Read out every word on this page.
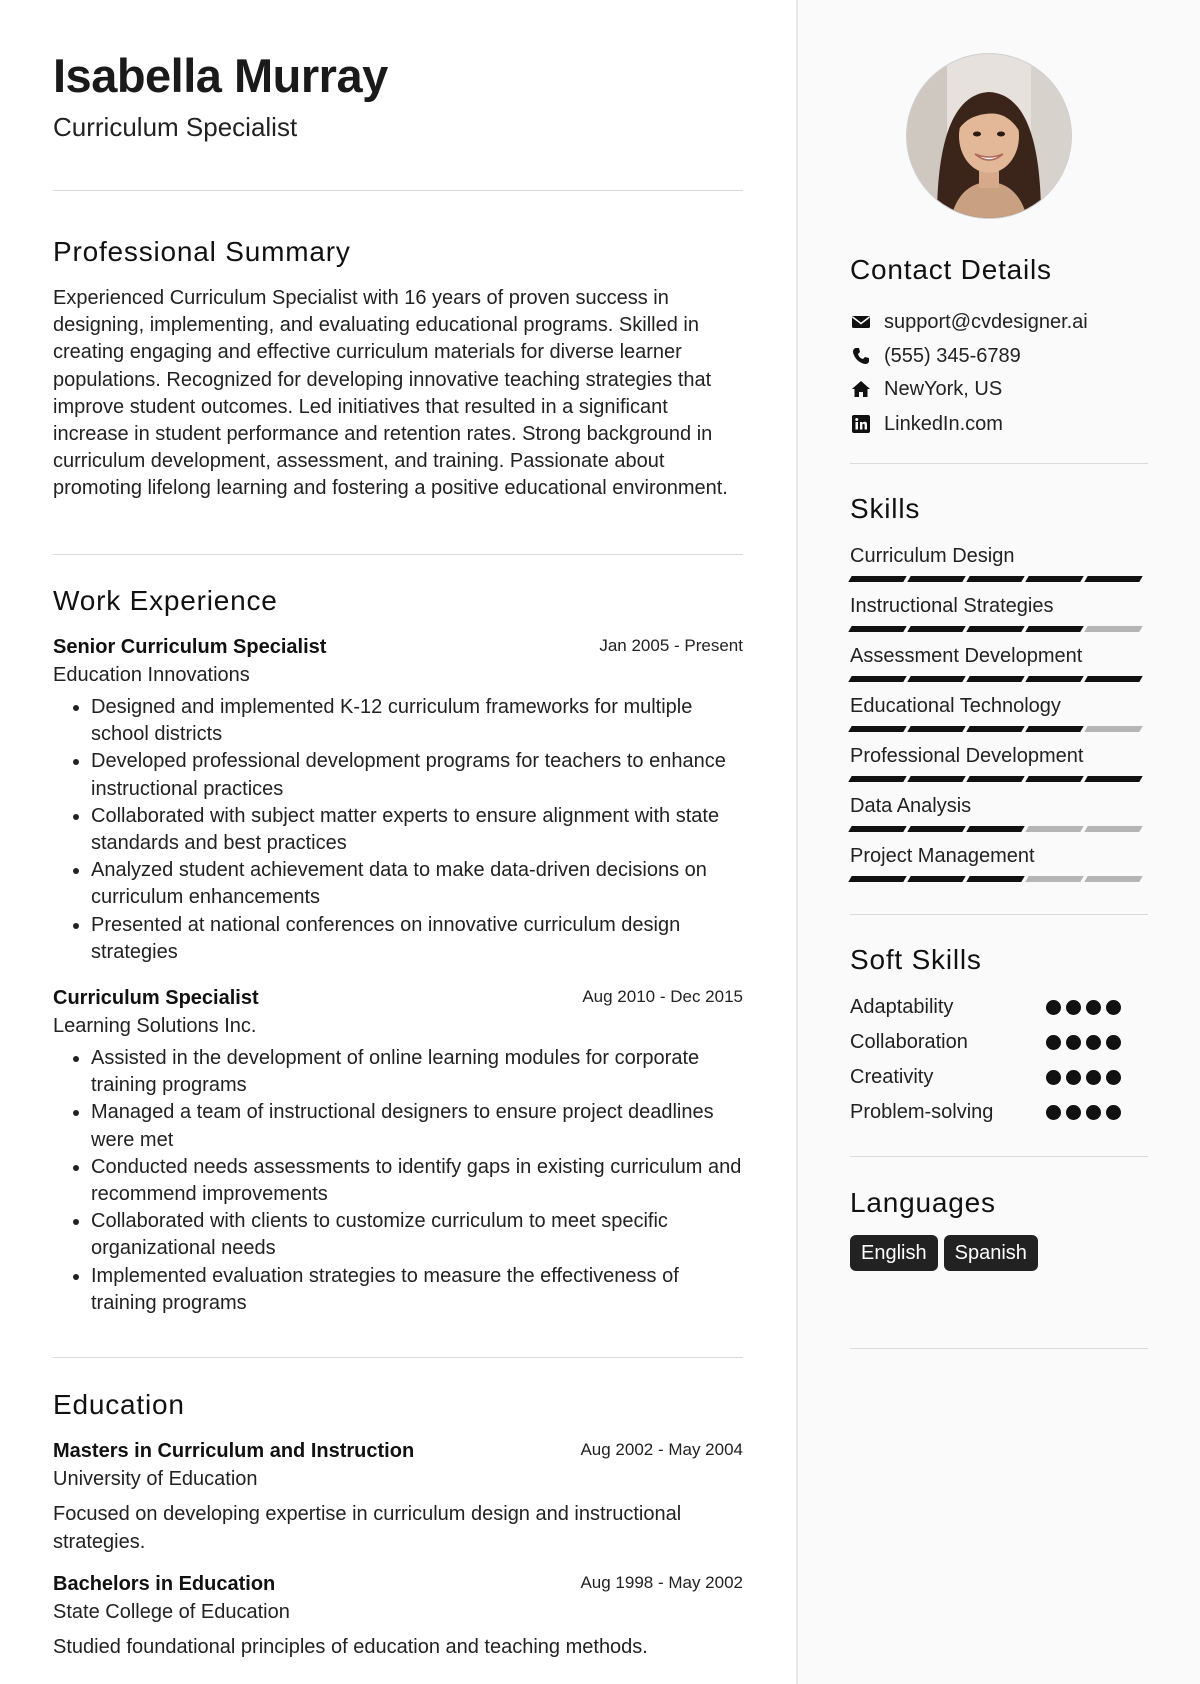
Isabella Murray

Curriculum Specialist

Professional Summary

Experienced Curriculum Specialist with 16 years of proven success in designing, implementing, and evaluating educational programs. Skilled in creating engaging and effective curriculum materials for diverse learner populations. Recognized for developing innovative teaching strategies that improve student outcomes. Led initiatives that resulted in a significant increase in student performance and retention rates. Strong background in curriculum development, assessment, and training. Passionate about promoting lifelong learning and fostering a positive educational environment.

Work Experience

Senior Curriculum Specialist	Jan 2005 - Present

Education Innovations

• Designed and implemented K-12 curriculum frameworks for multiple school districts
• Developed professional development programs for teachers to enhance instructional practices
• Collaborated with subject matter experts to ensure alignment with state standards and best practices
• Analyzed student achievement data to make data-driven decisions on curriculum enhancements
• Presented at national conferences on innovative curriculum design strategies

Curriculum Specialist	Aug 2010 - Dec 2015

Learning Solutions Inc.

• Assisted in the development of online learning modules for corporate training programs
• Managed a team of instructional designers to ensure project deadlines were met
• Conducted needs assessments to identify gaps in existing curriculum and recommend improvements
• Collaborated with clients to customize curriculum to meet specific organizational needs
• Implemented evaluation strategies to measure the effectiveness of training programs
Education

Masters in Curriculum and Instruction	Aug 2002 - May 2004

University of Education

Focused on developing expertise in curriculum design and instructional strategies.

Bachelors in Education	Aug 1998 - May 2002

State College of Education

Studied foundational principles of education and teaching methods.

Contact Details
support@cvdesigner.ai
(555) 345-6789
NewYork, US
LinkedIn.com
Skills
Curriculum Design
Instructional Strategies
Assessment Development
Educational Technology
Professional Development
Data Analysis
Project Management
Soft Skills
Adaptability
Collaboration
Creativity
Problem-solving
Languages
English	Spanish
